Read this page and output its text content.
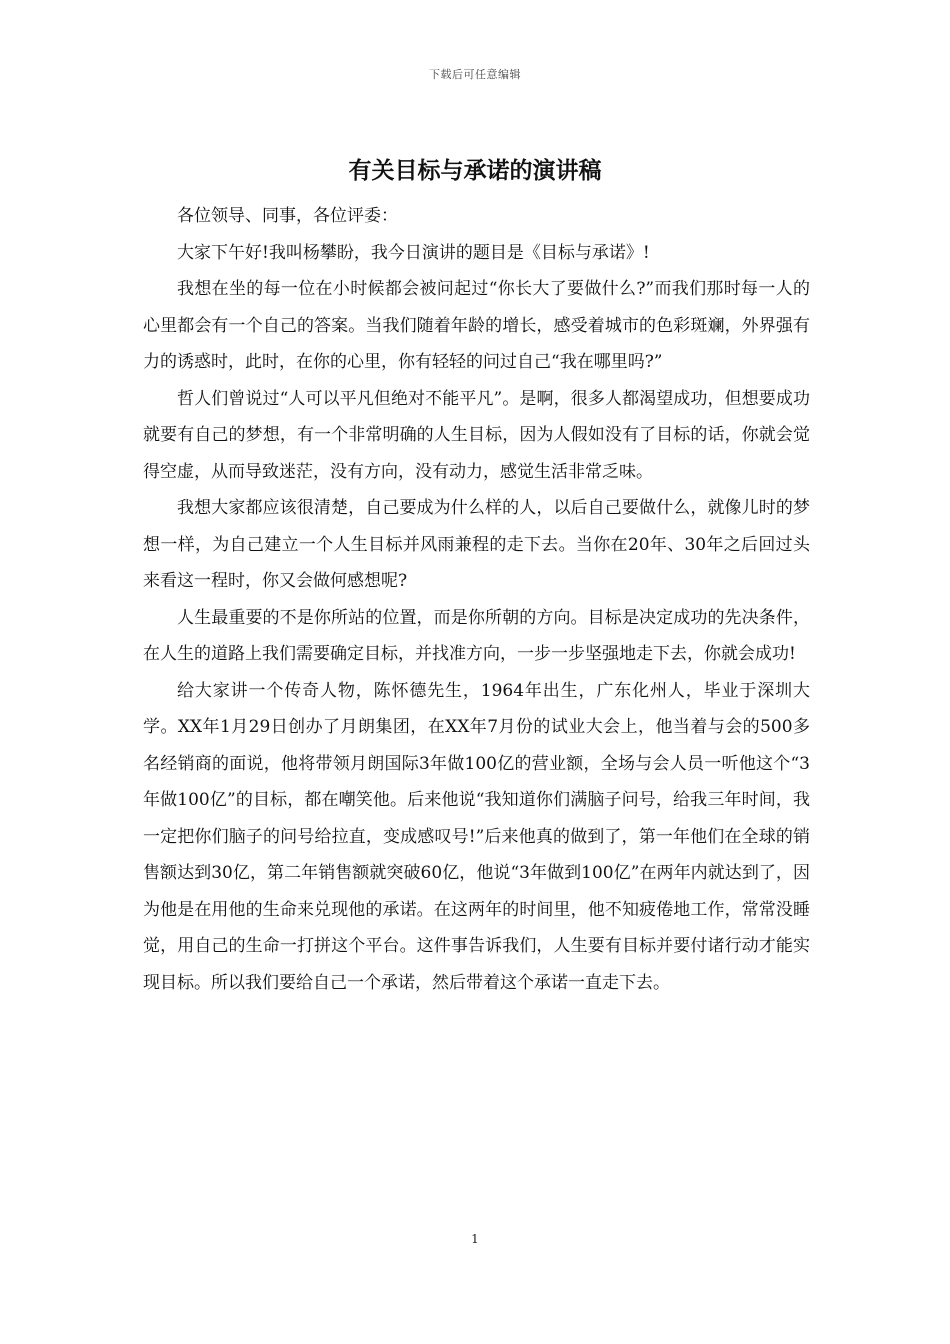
下载后可任意编辑
有关目标与承诺的演讲稿

各位领导、同事，各位评委：

大家下午好!我叫杨攀盼，我今日演讲的题目是《目标与承诺》!

我想在坐的每一位在小时候都会被问起过“你长大了要做什么?”而我们那时每一人的心里都会有一个自己的答案。当我们随着年龄的增长，感受着城市的色彩斑斓，外界强有力的诱惑时，此时，在你的心里，你有轻轻的问过自己“我在哪里吗?”

哲人们曾说过“人可以平凡但绝对不能平凡”。是啊，很多人都渴望成功，但想要成功就要有自己的梦想，有一个非常明确的人生目标，因为人假如没有了目标的话，你就会觉得空虚，从而导致迷茫，没有方向，没有动力，感觉生活非常乏味。

我想大家都应该很清楚，自己要成为什么样的人，以后自己要做什么，就像儿时的梦想一样，为自己建立一个人生目标并风雨兼程的走下去。当你在20年、30年之后回过头来看这一程时，你又会做何感想呢?

人生最重要的不是你所站的位置，而是你所朝的方向。目标是决定成功的先决条件，在人生的道路上我们需要确定目标，并找准方向，一步一步坚强地走下去，你就会成功!

给大家讲一个传奇人物，陈怀德先生，1964年出生，广东化州人，毕业于深圳大学。XX年1月29日创办了月朗集团，在XX年7月份的试业大会上，他当着与会的500多名经销商的面说，他将带领月朗国际3年做100亿的营业额，全场与会人员一听他这个“3年做100亿”的目标，都在嘲笑他。后来他说“我知道你们满脑子问号，给我三年时间，我一定把你们脑子的问号给拉直，变成感叹号!”后来他真的做到了，第一年他们在全球的销售额达到30亿，第二年销售额就突破60亿，他说“3年做到100亿”在两年内就达到了，因为他是在用他的生命来兑现他的承诺。在这两年的时间里，他不知疲倦地工作，常常没睡觉，用自己的生命一打拼这个平台。这件事告诉我们，人生要有目标并要付诸行动才能实现目标。所以我们要给自己一个承诺，然后带着这个承诺一直走下去。

1
